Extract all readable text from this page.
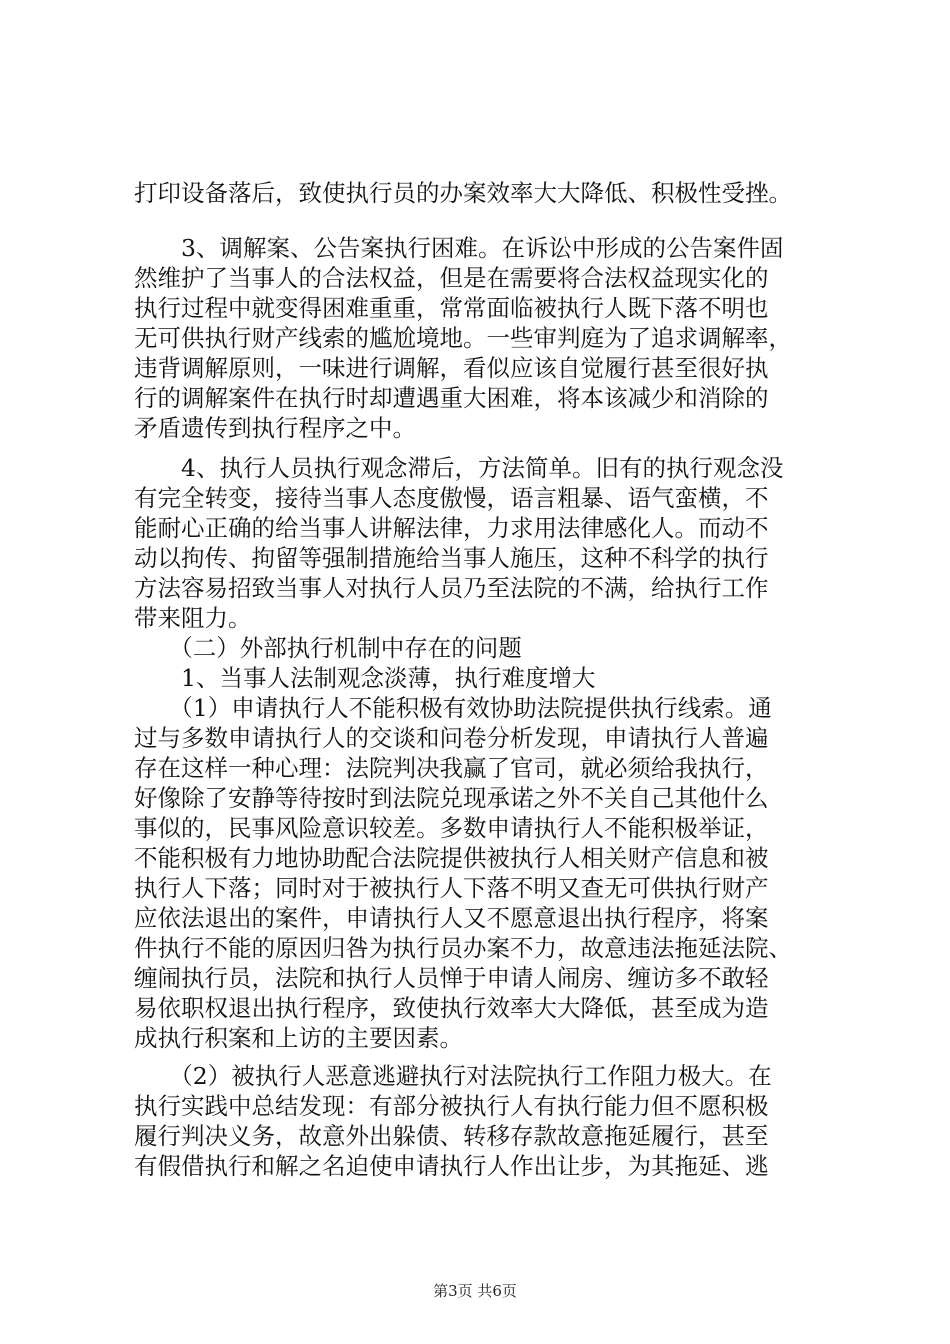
打印设备落后，致使执行员的办案效率大大降低、积极性受挫。
　　3、调解案、公告案执行困难。在诉讼中形成的公告案件固
然维护了当事人的合法权益，但是在需要将合法权益现实化的
执行过程中就变得困难重重，常常面临被执行人既下落不明也
无可供执行财产线索的尴尬境地。一些审判庭为了追求调解率，
违背调解原则，一味进行调解，看似应该自觉履行甚至很好执
行的调解案件在执行时却遭遇重大困难，将本该减少和消除的
矛盾遗传到执行程序之中。
　　4、执行人员执行观念滞后，方法简单。旧有的执行观念没
有完全转变，接待当事人态度傲慢，语言粗暴、语气蛮横，不
能耐心正确的给当事人讲解法律，力求用法律感化人。而动不
动以拘传、拘留等强制措施给当事人施压，这种不科学的执行
方法容易招致当事人对执行人员乃至法院的不满，给执行工作
带来阻力。
　　（二）外部执行机制中存在的问题
　　1、当事人法制观念淡薄，执行难度增大
　　（1）申请执行人不能积极有效协助法院提供执行线索。通
过与多数申请执行人的交谈和问卷分析发现，申请执行人普遍
存在这样一种心理：法院判决我赢了官司，就必须给我执行，
好像除了安静等待按时到法院兑现承诺之外不关自己其他什么
事似的，民事风险意识较差。多数申请执行人不能积极举证，
不能积极有力地协助配合法院提供被执行人相关财产信息和被
执行人下落；同时对于被执行人下落不明又查无可供执行财产
应依法退出的案件，申请执行人又不愿意退出执行程序，将案
件执行不能的原因归咎为执行员办案不力，故意违法拖延法院、
缠闹执行员，法院和执行人员惮于申请人闹房、缠访多不敢轻
易依职权退出执行程序，致使执行效率大大降低，甚至成为造
成执行积案和上访的主要因素。
　　（2）被执行人恶意逃避执行对法院执行工作阻力极大。在
执行实践中总结发现：有部分被执行人有执行能力但不愿积极
履行判决义务，故意外出躲债、转移存款故意拖延履行，甚至
有假借执行和解之名迫使申请执行人作出让步，为其拖延、逃
第3页 共6页
